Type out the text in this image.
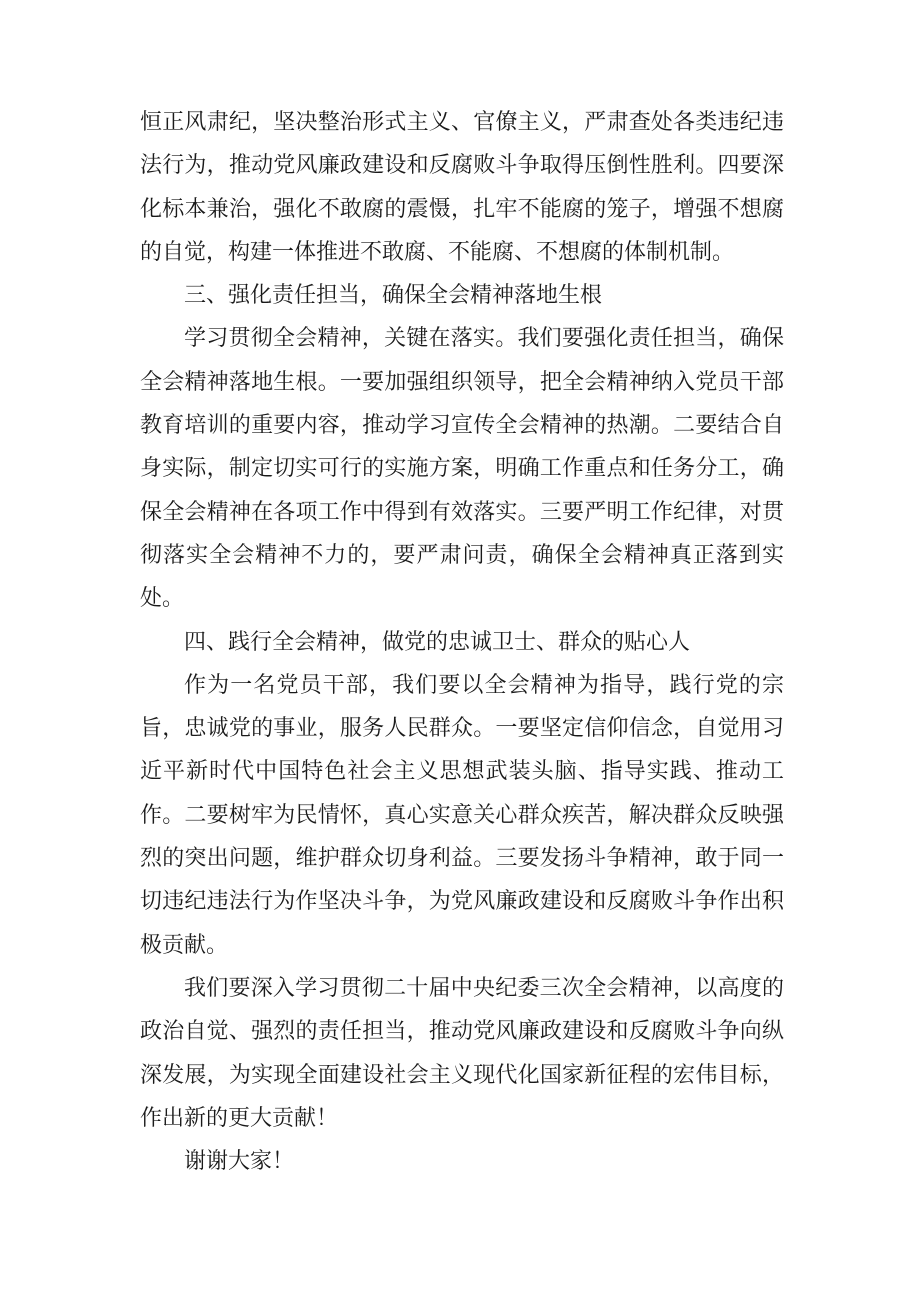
恒正风肃纪，坚决整治形式主义、官僚主义，严肃查处各类违纪违法行为，推动党风廉政建设和反腐败斗争取得压倒性胜利。四要深化标本兼治，强化不敢腐的震慑，扎牢不能腐的笼子，增强不想腐的自觉，构建一体推进不敢腐、不能腐、不想腐的体制机制。

三、强化责任担当，确保全会精神落地生根

学习贯彻全会精神，关键在落实。我们要强化责任担当，确保全会精神落地生根。一要加强组织领导，把全会精神纳入党员干部教育培训的重要内容，推动学习宣传全会精神的热潮。二要结合自身实际，制定切实可行的实施方案，明确工作重点和任务分工，确保全会精神在各项工作中得到有效落实。三要严明工作纪律，对贯彻落实全会精神不力的，要严肃问责，确保全会精神真正落到实处。

四、践行全会精神，做党的忠诚卫士、群众的贴心人

作为一名党员干部，我们要以全会精神为指导，践行党的宗旨，忠诚党的事业，服务人民群众。一要坚定信仰信念，自觉用习近平新时代中国特色社会主义思想武装头脑、指导实践、推动工作。二要树牢为民情怀，真心实意关心群众疾苦，解决群众反映强烈的突出问题，维护群众切身利益。三要发扬斗争精神，敢于同一切违纪违法行为作坚决斗争，为党风廉政建设和反腐败斗争作出积极贡献。

我们要深入学习贯彻二十届中央纪委三次全会精神，以高度的政治自觉、强烈的责任担当，推动党风廉政建设和反腐败斗争向纵深发展，为实现全面建设社会主义现代化国家新征程的宏伟目标，作出新的更大贡献！

谢谢大家！
